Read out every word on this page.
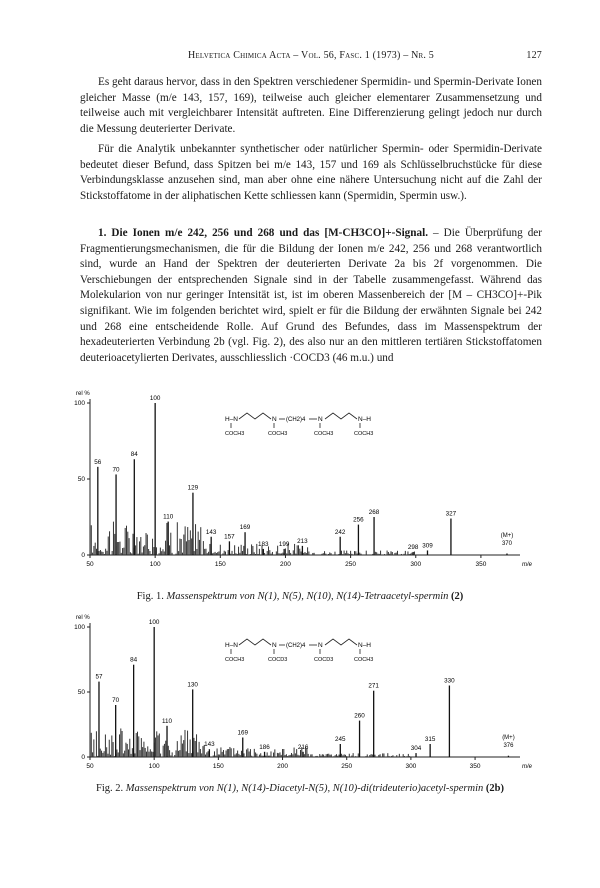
Helvetica Chimica Acta – Vol. 56, Fasc. 1 (1973) – Nr. 5	127

Es geht daraus hervor, dass in den Spektren verschiedener Spermidin- und Spermin-Derivate Ionen gleicher Masse (m/e 143, 157, 169), teilweise auch gleicher elementarer Zusammensetzung und teilweise auch mit vergleichbarer Intensität auftreten. Eine Differenzierung gelingt jedoch nur durch die Messung deuterierter Derivate.

Für die Analytik unbekannter synthetischer oder natürlicher Spermin- oder Spermidin-Derivate bedeutet dieser Befund, dass Spitzen bei m/e 143, 157 und 169 als Schlüsselbruchstücke für diese Verbindungsklasse anzusehen sind, man aber ohne eine nähere Untersuchung nicht auf die Zahl der Stickstoffatome in der aliphatischen Kette schliessen kann (Spermidin, Spermin usw.).

1. Die Ionen m/e 242, 256 und 268 und das [M-CH3CO]+-Signal. – Die Überprüfung der Fragmentierungsmechanismen, die für die Bildung der Ionen m/e 242, 256 und 268 verantwortlich sind, wurde an Hand der Spektren der deuterierten Derivate 2a bis 2f vorgenommen. Die Verschiebungen der entsprechenden Signale sind in der Tabelle zusammengefasst. Während das Molekularion von nur geringer Intensität ist, ist im oberen Massenbereich der [M – CH3CO]+-Pik signifikant. Wie im folgenden berichtet wird, spielt er für die Bildung der erwähnten Signale bei 242 und 268 eine entscheidende Rolle. Auf Grund des Befundes, dass im Massenspektrum der hexadeuterierten Verbindung 2b (vgl. Fig. 2), des also nur an den mittleren tertiären Stickstoffatomen deuterioacetylierten Derivates, ausschliesslich ·COCD3 (46 m.u.) und

rel %
0
50
100
50	100	150	200	250	300	350	m/e
56
70
84
100
110
129
143
157
169
183 199 213
242
256
268
298 309
327
(M+)
370
H–N	N (CH2)4 N	N–H
COCH3	COCH3	COCH3	COCH3
Fig. 1. Massenspektrum von N(1), N(5), N(10), N(14)-Tetraacetyl-spermin (2)
rel %
0
50
100
50	100	150	200	250	300	350	m/e
57
70
84
100
110
130
143
169
186	216
245
260
271
304
315
330
(M+)
376
H–N	N (CH2)4 N	N–H
COCH3	COCD3	COCD3	COCH3
Fig. 2. Massenspektrum von N(1), N(14)-Diacetyl-N(5), N(10)-di(trideuterio)acetyl-spermin (2b)
